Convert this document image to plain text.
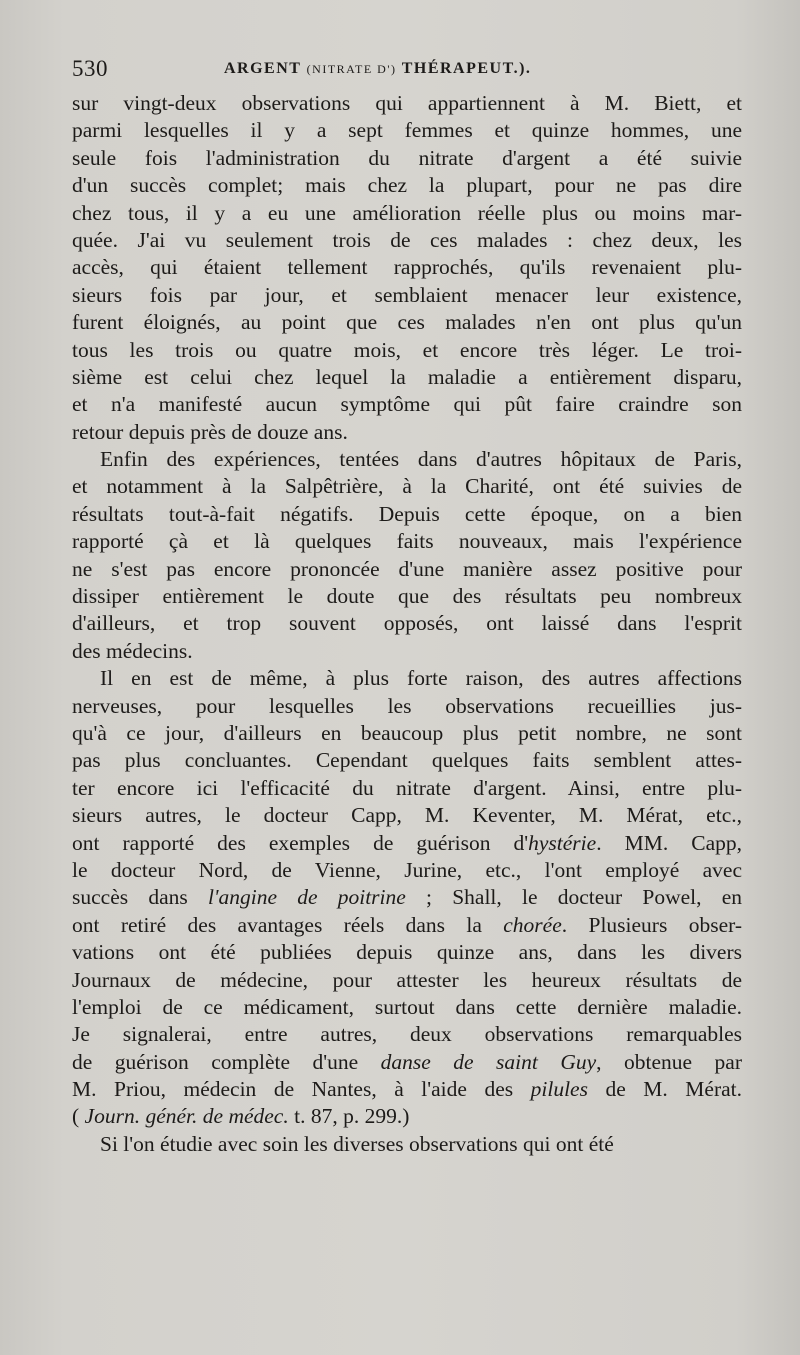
530	ARGENT (NITRATE D') THÉRAPEUT.).
sur vingt-deux observations qui appartiennent à M. Biett, et
parmi lesquelles il y a sept femmes et quinze hommes, une
seule fois l'administration du nitrate d'argent a été suivie
d'un succès complet; mais chez la plupart, pour ne pas dire
chez tous, il y a eu une amélioration réelle plus ou moins mar-
quée. J'ai vu seulement trois de ces malades : chez deux, les
accès, qui étaient tellement rapprochés, qu'ils revenaient plu-
sieurs fois par jour, et semblaient menacer leur existence,
furent éloignés, au point que ces malades n'en ont plus qu'un
tous les trois ou quatre mois, et encore très léger. Le troi-
sième est celui chez lequel la maladie a entièrement disparu,
et n'a manifesté aucun symptôme qui pût faire craindre son
retour depuis près de douze ans.
Enfin des expériences, tentées dans d'autres hôpitaux de Paris,
et notamment à la Salpêtrière, à la Charité, ont été suivies de
résultats tout-à-fait négatifs. Depuis cette époque, on a bien
rapporté çà et là quelques faits nouveaux, mais l'expérience
ne s'est pas encore prononcée d'une manière assez positive pour
dissiper entièrement le doute que des résultats peu nombreux
d'ailleurs, et trop souvent opposés, ont laissé dans l'esprit
des médecins.
Il en est de même, à plus forte raison, des autres affections
nerveuses, pour lesquelles les observations recueillies jus-
qu'à ce jour, d'ailleurs en beaucoup plus petit nombre, ne sont
pas plus concluantes. Cependant quelques faits semblent attes-
ter encore ici l'efficacité du nitrate d'argent. Ainsi, entre plu-
sieurs autres, le docteur Capp, M. Keventer, M. Mérat, etc.,
ont rapporté des exemples de guérison d'hystérie. MM. Capp,
le docteur Nord, de Vienne, Jurine, etc., l'ont employé avec
succès dans l'angine de poitrine ; Shall, le docteur Powel, en
ont retiré des avantages réels dans la chorée. Plusieurs obser-
vations ont été publiées depuis quinze ans, dans les divers
Journaux de médecine, pour attester les heureux résultats de
l'emploi de ce médicament, surtout dans cette dernière maladie.
Je signalerai, entre autres, deux observations remarquables
de guérison complète d'une danse de saint Guy, obtenue par
M. Priou, médecin de Nantes, à l'aide des pilules de M. Mérat.
( Journ. génér. de médec. t. 87, p. 299.)
Si l'on étudie avec soin les diverses observations qui ont été
